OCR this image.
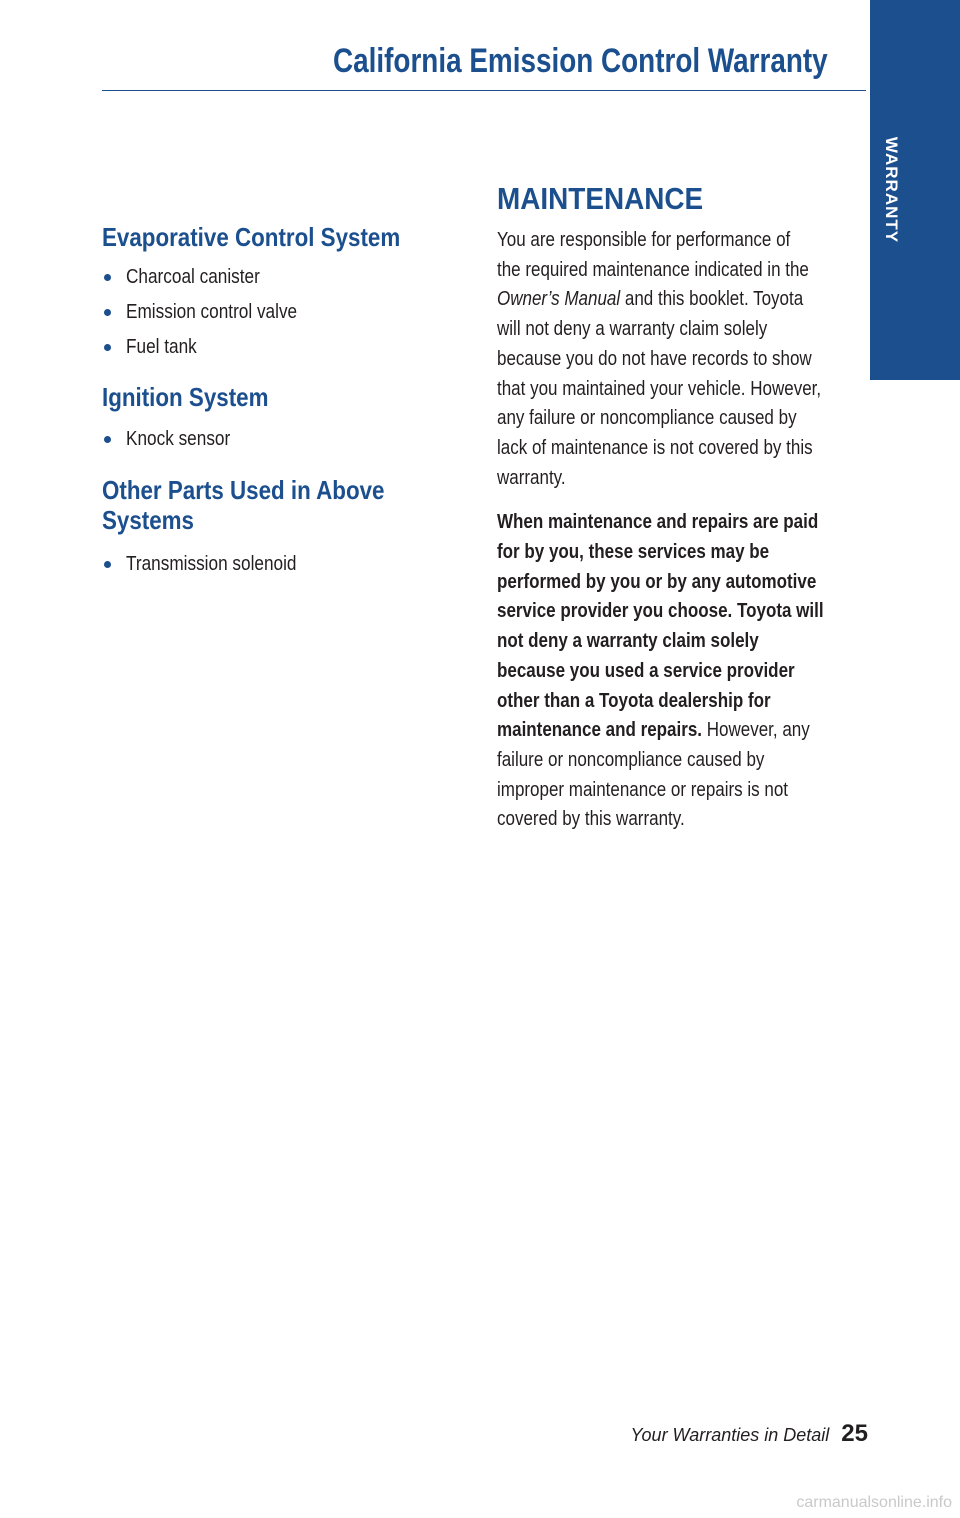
WARRANTY
California Emission Control Warranty
Evaporative Control System
Charcoal canister
Emission control valve
Fuel tank
Ignition System
Knock sensor
Other Parts Used in Above
Systems
Transmission solenoid
MAINTENANCE

You are responsible for performance of
the required maintenance indicated in the
Owner’s Manual and this booklet. Toyota
will not deny a warranty claim solely
because you do not have records to show
that you maintained your vehicle. However,
any failure or noncompliance caused by
lack of maintenance is not covered by this
warranty.

When maintenance and repairs are paid
for by you, these services may be
performed by you or by any automotive
service provider you choose. Toyota will
not deny a warranty claim solely
because you used a service provider
other than a Toyota dealership for
maintenance and repairs. However, any
failure or noncompliance caused by
improper maintenance or repairs is not
covered by this warranty.

Your Warranties in Detail 25
carmanualsonline.info
